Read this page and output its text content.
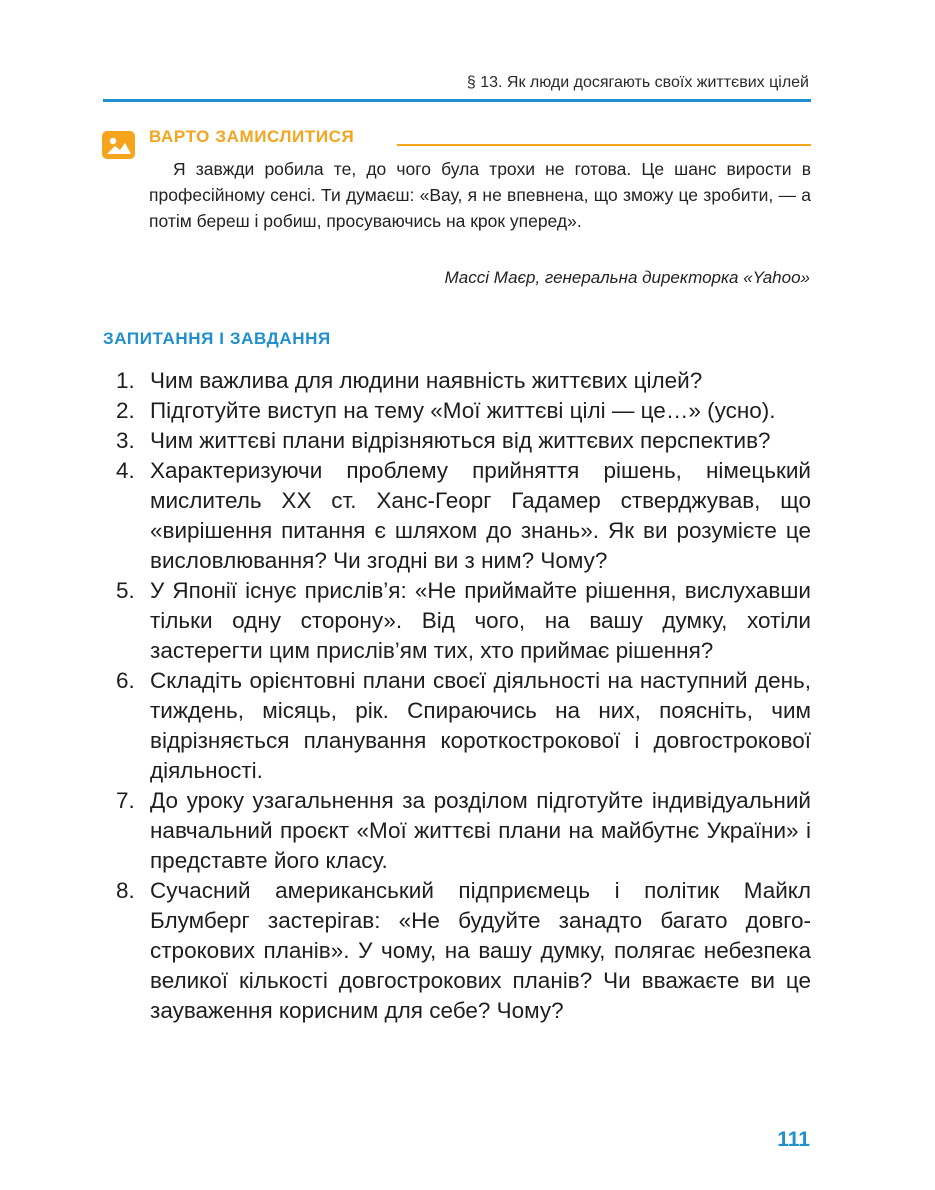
§ 13. Як люди досягають своїх життєвих цілей
ВАРТО ЗАМИСЛИТИСЯ
Я завжди робила те, до чого була трохи не готова. Це шанс вирости в професійному сенсі. Ти думаєш: «Вау, я не впевнена, що зможу це зробити, — а потім береш і робиш, просуваючись на крок уперед».
Массі Маєр, генеральна директорка «Yahoo»
ЗАПИТАННЯ І ЗАВДАННЯ
1. Чим важлива для людини наявність життєвих цілей?
2. Підготуйте виступ на тему «Мої життєві цілі — це…» (усно).
3. Чим життєві плани відрізняються від життєвих перспектив?
4. Характеризуючи проблему прийняття рішень, німецький мислитель XX ст. Ханс-Георг Гадамер стверджував, що «вирішення питання є шляхом до знань». Як ви розумієте це висловлювання? Чи згодні ви з ним? Чому?
5. У Японії існує прислів’я: «Не приймайте рішення, вислухавши тільки одну сторону». Від чого, на вашу думку, хотіли застерегти цим прислів’ям тих, хто приймає рішення?
6. Складіть орієнтовні плани своєї діяльності на наступний день, тиждень, місяць, рік. Спираючись на них, поясніть, чим відрізняється планування короткострокової і довгострокової діяльності.
7. До уроку узагальнення за розділом підготуйте індивідуальний навчальний проєкт «Мої життєві плани на майбутнє України» і представте його класу.
8. Сучасний американський підприємець і політик Майкл Блумберг застерігав: «Не будуйте занадто багато довгострокових планів». У чому, на вашу думку, полягає небезпека великої кількості довгострокових планів? Чи вважаєте ви це зауваження корисним для себе? Чому?
111
